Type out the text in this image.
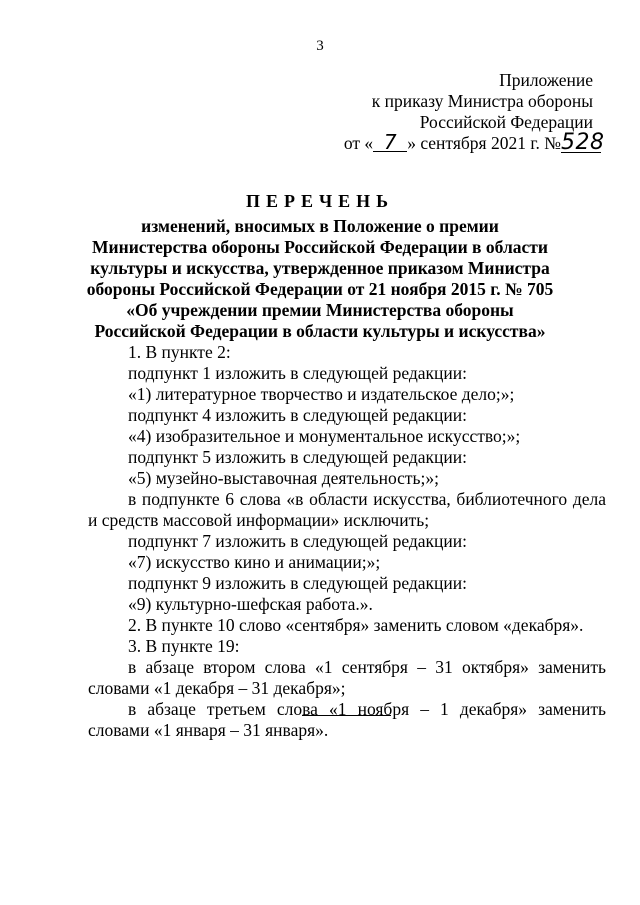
3
Приложение
к приказу Министра обороны
Российской Федерации
от « 7 » сентября 2021 г. №528
ПЕРЕЧЕНЬ
изменений, вносимых в Положение о премии
Министерства обороны Российской Федерации в области
культуры и искусства, утвержденное приказом Министра
обороны Российской Федерации от 21 ноября 2015 г. № 705
«Об учреждении премии Министерства обороны
Российской Федерации в области культуры и искусства»
1. В пункте 2:
подпункт 1 изложить в следующей редакции:
«1) литературное творчество и издательское дело;»;
подпункт 4 изложить в следующей редакции:
«4) изобразительное и монументальное искусство;»;
подпункт 5 изложить в следующей редакции:
«5) музейно-выставочная деятельность;»;
в подпункте 6 слова «в области искусства, библиотечного дела и средств массовой информации» исключить;
подпункт 7 изложить в следующей редакции:
«7) искусство кино и анимации;»;
подпункт 9 изложить в следующей редакции:
«9) культурно-шефская работа.».
2. В пункте 10 слово «сентября» заменить словом «декабря».
3. В пункте 19:
в абзаце втором слова «1 сентября – 31 октября» заменить словами «1 декабря – 31 декабря»;
в абзаце третьем слова «1 ноября – 1 декабря» заменить словами «1 января – 31 января».
